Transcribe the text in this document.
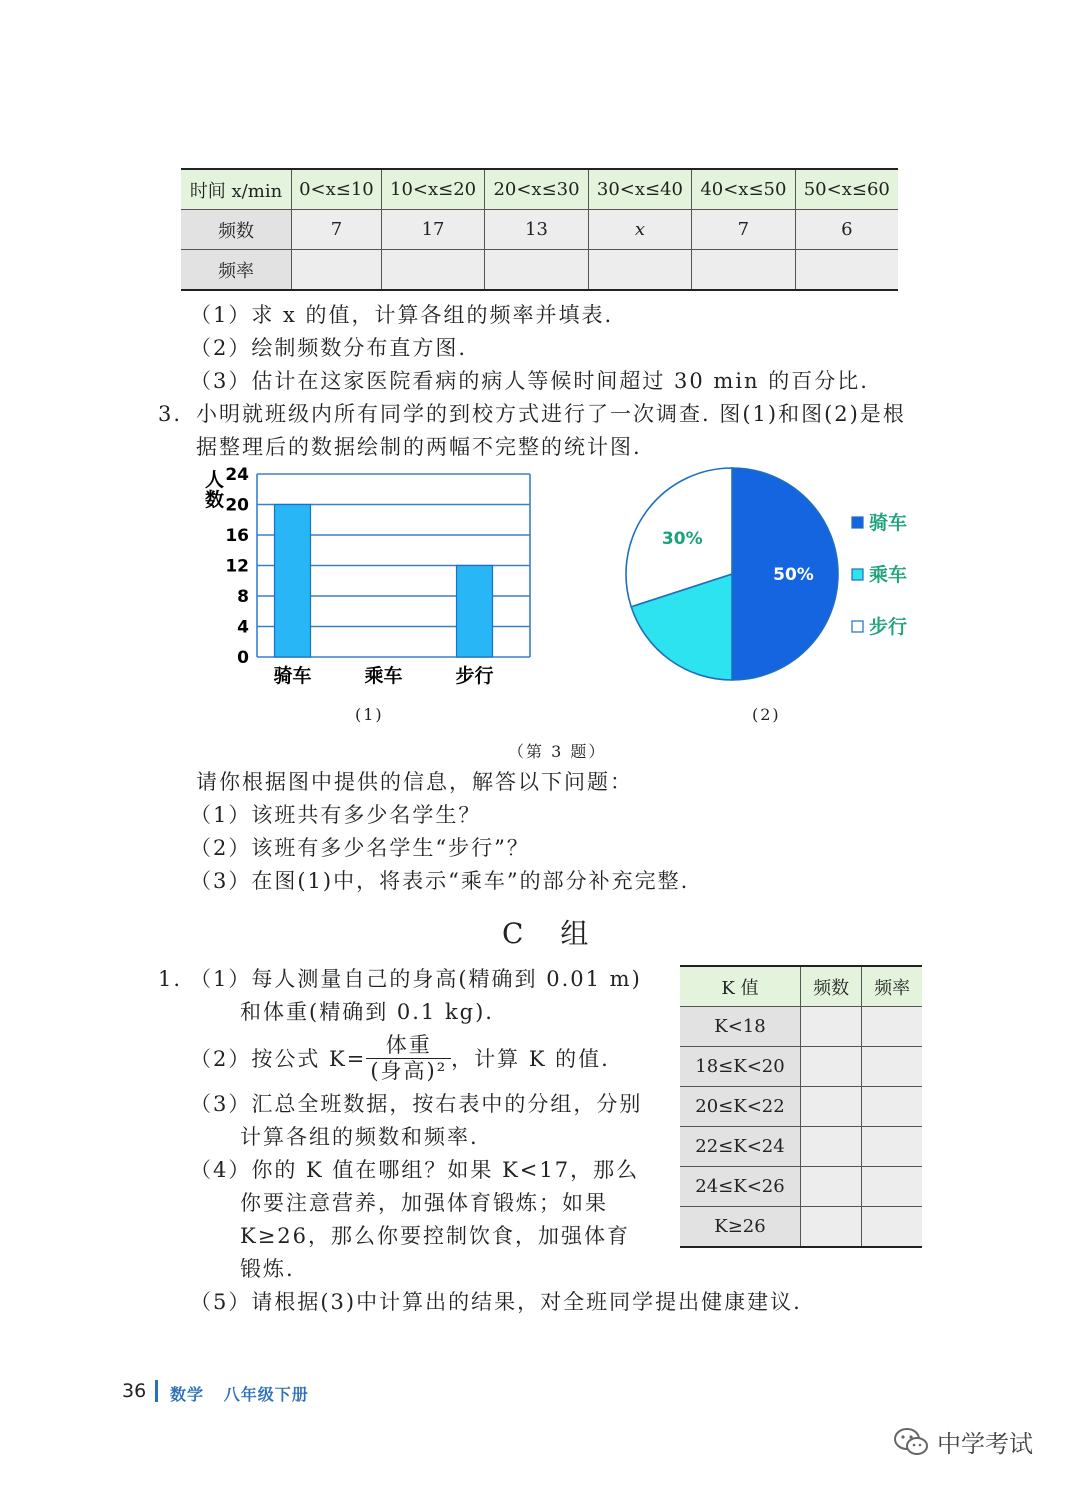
时间 x/min	0<x≤10	10<x≤20	20<x≤30	30<x≤40	40<x≤50	50<x≤60
频数	7	17	13	x	7	6
频率						
（1）求 x 的值，计算各组的频率并填表.
（2）绘制频数分布直方图.
（3）估计在这家医院看病的病人等候时间超过 30 min 的百分比.
3. 小明就班级内所有同学的到校方式进行了一次调查. 图(1)和图(2)是根
据整理后的数据绘制的两幅不完整的统计图.
0
4
8
12
16
20
24
骑车	乘车	步行
人
数
50%
30%
骑车
乘车
步行
(1)	(2)
（第 3 题）
请你根据图中提供的信息，解答以下问题：
（1）该班共有多少名学生？
（2）该班有多少名学生“步行”？
（3）在图(1)中，将表示“乘车”的部分补充完整.
C 组
1. （1）每人测量自己的身高(精确到 0.01 m)
和体重(精确到 0.1 kg).
（2）按公式 $K= \frac{\text{体重}}{\text{(身高)²}}$ ，计算 K 的值.
（3）汇总全班数据，按右表中的分组，分别
计算各组的频数和频率.
（4）你的 K 值在哪组？如果 K<17，那么
你要注意营养，加强体育锻炼；如果
K≥26，那么你要控制饮食，加强体育
锻炼.
（5）请根据(3)中计算出的结果，对全班同学提出健康建议.
K 值	频数	频率
K<18		
18≤K<20		
20≤K<22		
22≤K<24		
24≤K<26		
K≥26		
36 数学   八年级下册
中学考试
